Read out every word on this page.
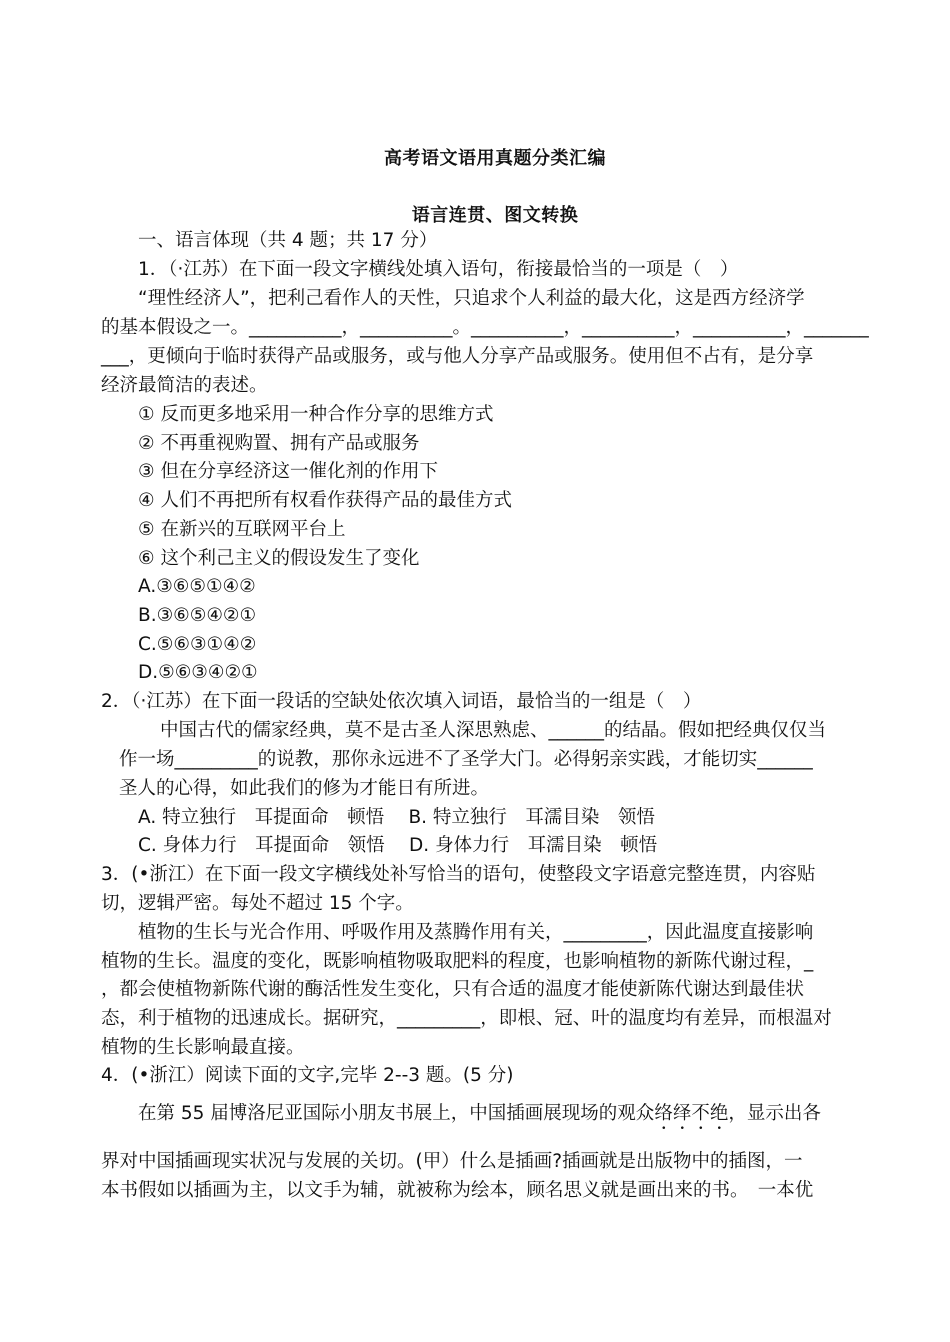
高考语文语用真题分类汇编
语言连贯、图文转换
一、语言体现（共 4 题；共 17 分）
1．（·江苏）在下面一段文字横线处填入语句，衔接最恰当的一项是（　）
“理性经济人”，把利己看作人的天性，只追求个人利益的最大化，这是西方经济学
的基本假设之一。__________，__________。__________，__________，__________，_______
___，更倾向于临时获得产品或服务，或与他人分享产品或服务。使用但不占有，是分享
经济最简洁的表述。
① 反而更多地采用一种合作分享的思维方式
② 不再重视购置、拥有产品或服务
③ 但在分享经济这一催化剂的作用下
④ 人们不再把所有权看作获得产品的最佳方式
⑤ 在新兴的互联网平台上
⑥ 这个利己主义的假设发生了变化
A.③⑥⑤①④②
B.③⑥⑤④②①
C.⑤⑥③①④②
D.⑤⑥③④②①
2．（·江苏）在下面一段话的空缺处依次填入词语，最恰当的一组是（　）
中国古代的儒家经典，莫不是古圣人深思熟虑、______的结晶。假如把经典仅仅当
作一场_________的说教，那你永远进不了圣学大门。必得躬亲实践，才能切实______
圣人的心得，如此我们的修为才能日有所进。
A. 特立独行　耳提面命　顿悟　 B. 特立独行　耳濡目染　领悟
C. 身体力行　耳提面命　领悟　 D. 身体力行　耳濡目染　顿悟
3．(•浙江）在下面一段文字横线处补写恰当的语句，使整段文字语意完整连贯，内容贴
切，逻辑严密。每处不超过 15 个字。
植物的生长与光合作用、呼吸作用及蒸腾作用有关，_________，因此温度直接影响
植物的生长。温度的变化，既影响植物吸取肥料的程度，也影响植物的新陈代谢过程，_
，都会使植物新陈代谢的酶活性发生变化，只有合适的温度才能使新陈代谢达到最佳状
态，利于植物的迅速成长。据研究，_________，即根、冠、叶的温度均有差异，而根温对
植物的生长影响最直接。
4．(•浙江）阅读下面的文字,完毕 2--3 题。(5 分)
在第 55 届博洛尼亚国际小朋友书展上，中国插画展现场的观众络绎不绝，显示出各
界对中国插画现实状况与发展的关切。(甲）什么是插画?插画就是出版物中的插图，一
本书假如以插画为主，以文手为辅，就被称为绘本，顾名思义就是画出来的书。　一本优
